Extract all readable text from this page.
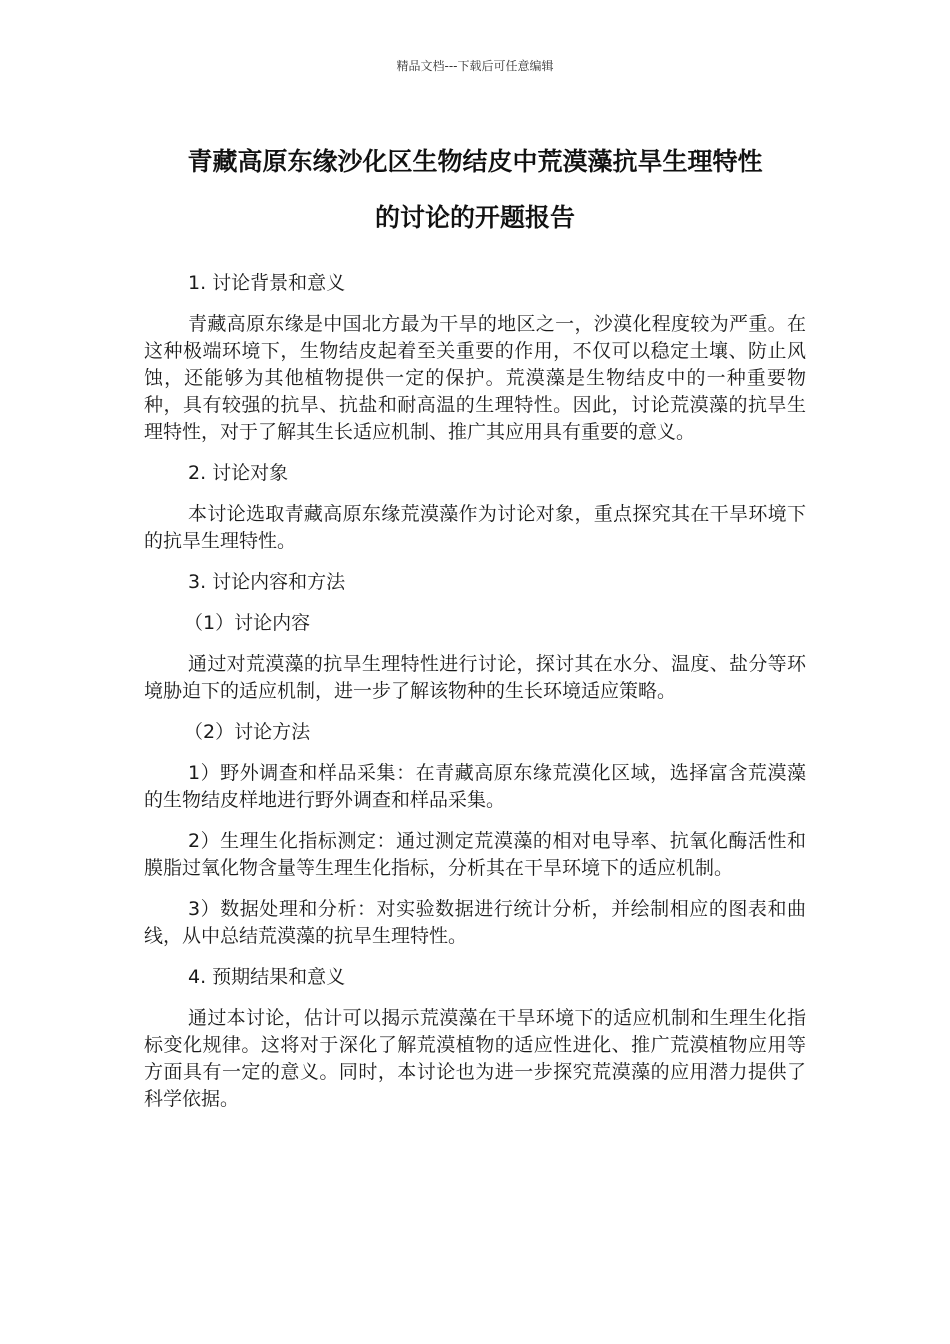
精品文档---下载后可任意编辑
青藏高原东缘沙化区生物结皮中荒漠藻抗旱生理特性
的讨论的开题报告

1. 讨论背景和意义

青藏高原东缘是中国北方最为干旱的地区之一，沙漠化程度较为严重。在这种极端环境下，生物结皮起着至关重要的作用，不仅可以稳定土壤、防止风蚀，还能够为其他植物提供一定的保护。荒漠藻是生物结皮中的一种重要物种，具有较强的抗旱、抗盐和耐高温的生理特性。因此，讨论荒漠藻的抗旱生理特性，对于了解其生长适应机制、推广其应用具有重要的意义。

2. 讨论对象

本讨论选取青藏高原东缘荒漠藻作为讨论对象，重点探究其在干旱环境下的抗旱生理特性。

3. 讨论内容和方法

（1）讨论内容

通过对荒漠藻的抗旱生理特性进行讨论，探讨其在水分、温度、盐分等环境胁迫下的适应机制，进一步了解该物种的生长环境适应策略。

（2）讨论方法

1）野外调查和样品采集：在青藏高原东缘荒漠化区域，选择富含荒漠藻的生物结皮样地进行野外调查和样品采集。

2）生理生化指标测定：通过测定荒漠藻的相对电导率、抗氧化酶活性和膜脂过氧化物含量等生理生化指标，分析其在干旱环境下的适应机制。

3）数据处理和分析：对实验数据进行统计分析，并绘制相应的图表和曲线，从中总结荒漠藻的抗旱生理特性。

4. 预期结果和意义

通过本讨论，估计可以揭示荒漠藻在干旱环境下的适应机制和生理生化指标变化规律。这将对于深化了解荒漠植物的适应性进化、推广荒漠植物应用等方面具有一定的意义。同时，本讨论也为进一步探究荒漠藻的应用潜力提供了科学依据。
